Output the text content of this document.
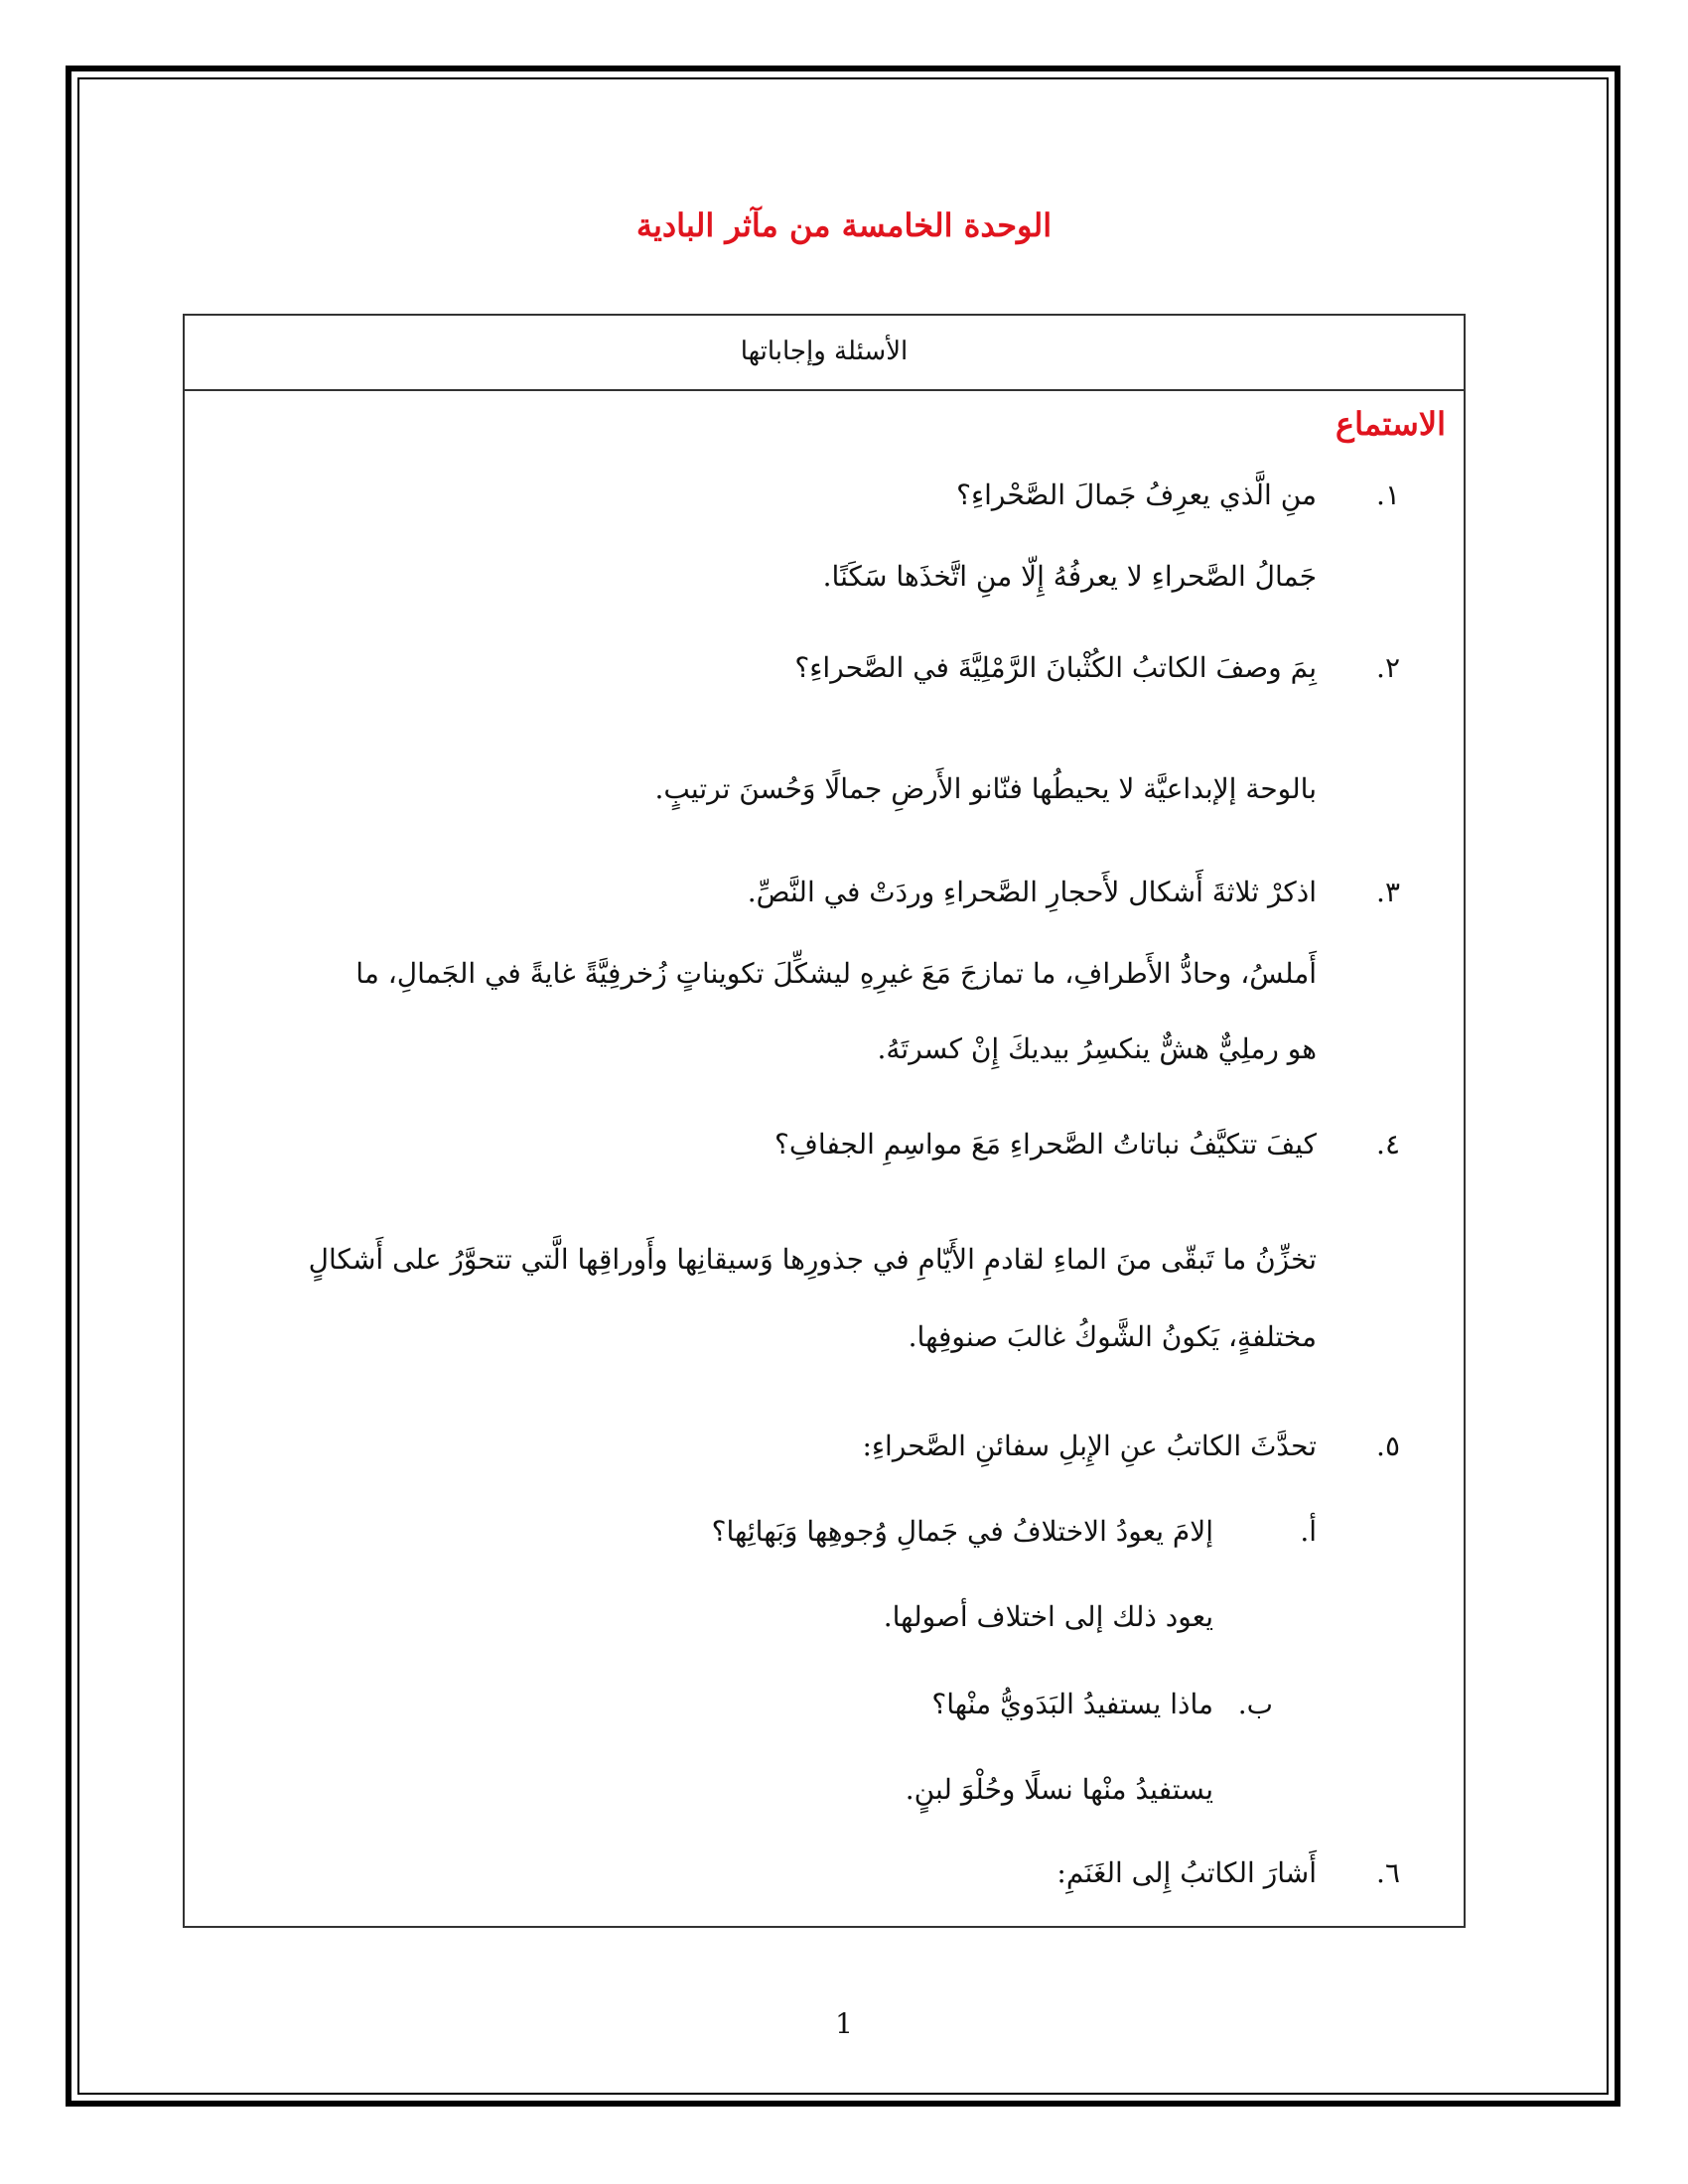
الوحدة الخامسة من مآثر البادية
الأسئلة وإجاباتها
الاستماع
١.
منِ الَّذي يعرِفُ جَمالَ الصَّحْراءِ؟
جَمالُ الصَّحراءِ لا يعرفُهُ إِلّا منِ اتَّخذَها سَكَنًا.
٢.
بِمَ وصفَ الكاتبُ الكُثْبانَ الرَّمْلِيَّةَ في الصَّحراءِ؟
بالوحة إلإبداعيَّة لا يحيطُها فنّانو الأَرضِ جمالًا وَحُسنَ ترتيبٍ.
٣.
اذكرْ ثلاثةَ أَشكال لأَحجارِ الصَّحراءِ وردَتْ في النَّصِّ.
أَملسُ، وحادُّ الأَطرافِ، ما تمازجَ مَعَ غيرِهِ ليشكِّلَ تكويناتٍ زُخرفِيَّةً غايةً في الجَمالِ، ما
هو رملِيٌّ هشٌّ ينكسِرُ بيديكَ إِنْ كسرتَهُ.
٤.
كيفَ تتكيَّفُ نباتاتُ الصَّحراءِ مَعَ مواسِمِ الجفافِ؟
تخزِّنُ ما تَبقّى منَ الماءِ لقادمِ الأَيّامِ في جذورِها وَسيقانِها وأَوراقِها الَّتي تتحوَّرُ على أَشكالٍ
مختلفةٍ، يَكونُ الشَّوكُ غالبَ صنوفِها.
٥.
تحدَّثَ الكاتبُ عنِ الإِبلِ سفائنِ الصَّحراءِ:
أ.
إلامَ يعودُ الاختلافُ في جَمالِ وُجوهِها وَبَهائِها؟
يعود ذلك إلى اختلاف أصولها.
ب.
ماذا يستفيدُ البَدَويُّ منْها؟
يستفيدُ منْها نسلًا وحُلْوَ لبنٍ.
٦.
أَشارَ الكاتبُ إِلى الغَنَمِ:
1
